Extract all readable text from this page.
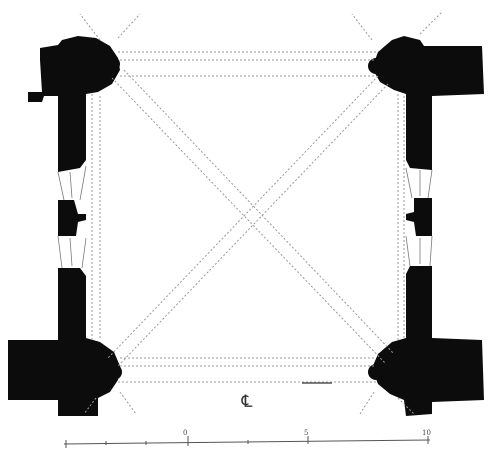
℄
0	5	10
